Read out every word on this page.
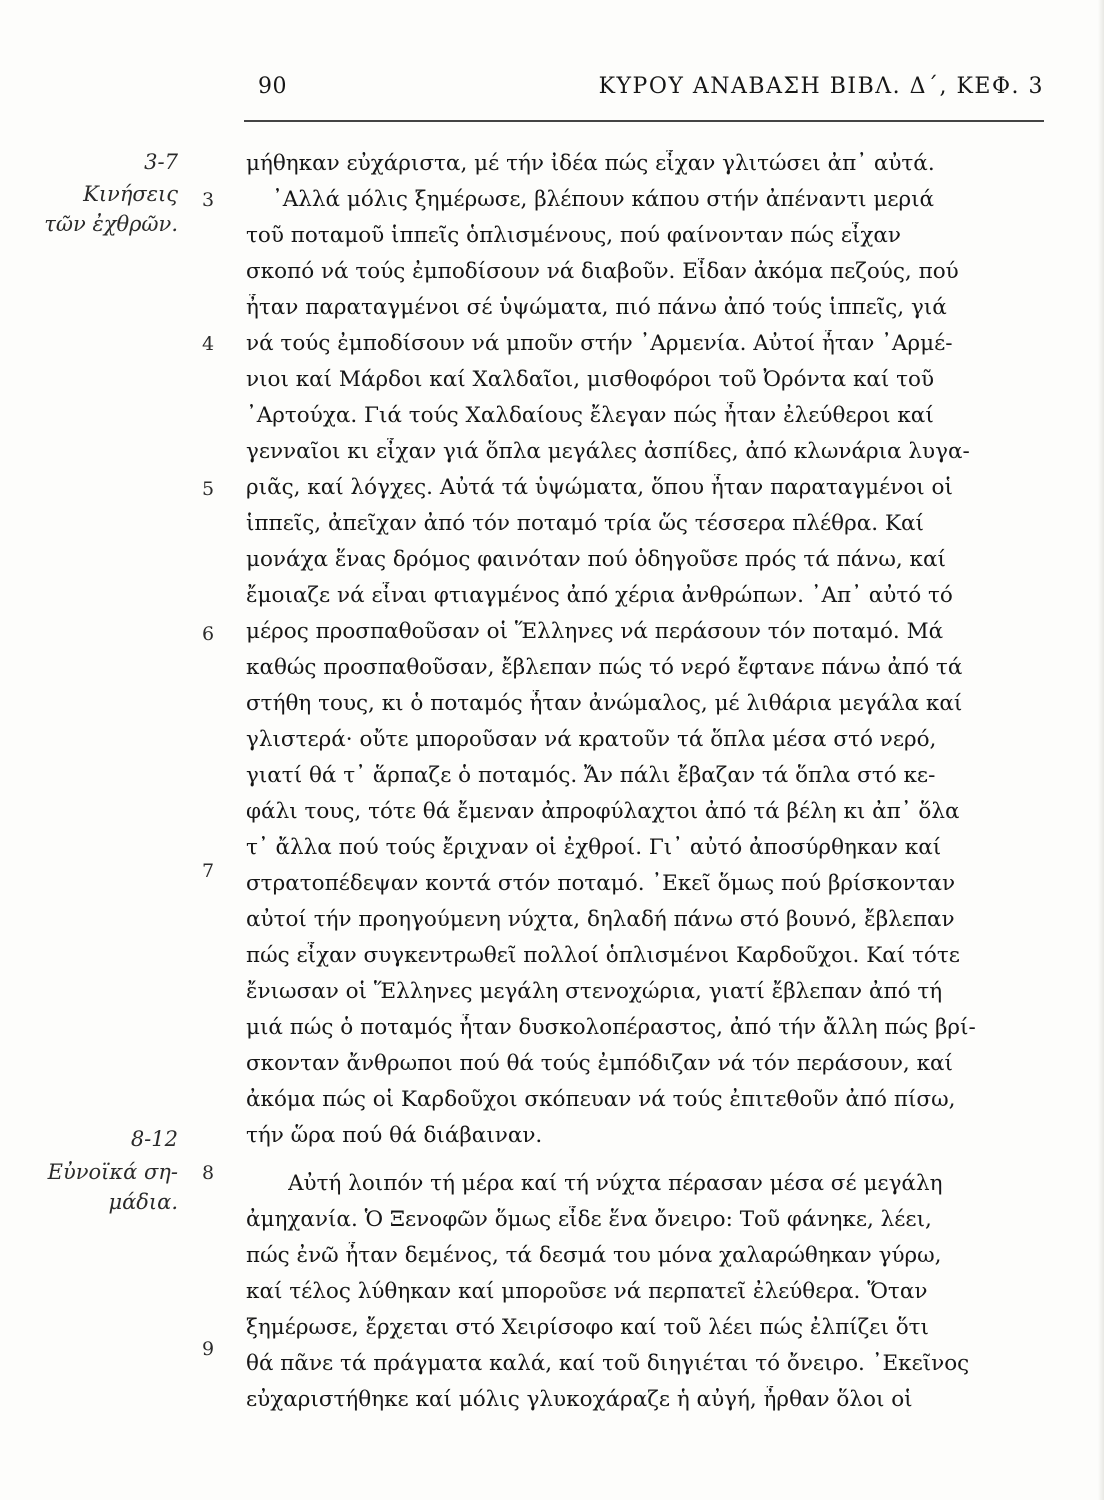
90	ΚΥΡΟΥ ΑΝΑΒΑΣΗ ΒΙΒΛ. Δ΄, ΚΕΦ. 3
3-7
Κινήσεις
τῶν ἐχθρῶν.
8-12
Εὐνοϊκά ση-
μάδια.
3
4
5
6
7
8
9
μήθηκαν εὐχάριστα, μέ τήν ἰδέα πώς εἶχαν γλιτώσει ἀπ᾽ αὐτά.
᾽Αλλά μόλις ξημέρωσε, βλέπουν κάπου στήν ἀπέναντι μεριά
τοῦ ποταμοῦ ἱππεῖς ὁπλισμένους, πού φαίνονταν πώς εἶχαν
σκοπό νά τούς ἐμποδίσουν νά διαβοῦν. Εἶδαν ἀκόμα πεζούς, πού
ἦταν παραταγμένοι σέ ὑψώματα, πιό πάνω ἀπό τούς ἱππεῖς, γιά
νά τούς ἐμποδίσουν νά μποῦν στήν ᾽Αρμενία. Αὐτοί ἦταν ᾽Αρμέ-
νιοι καί Μάρδοι καί Χαλδαῖοι, μισθοφόροι τοῦ Ὀρόντα καί τοῦ
᾽Αρτούχα. Γιά τούς Χαλδαίους ἔλεγαν πώς ἦταν ἐλεύθεροι καί
γενναῖοι κι εἶχαν γιά ὅπλα μεγάλες ἀσπίδες, ἀπό κλωνάρια λυγα-
ριᾶς, καί λόγχες. Αὐτά τά ὑψώματα, ὅπου ἦταν παραταγμένοι οἱ
ἱππεῖς, ἀπεῖχαν ἀπό τόν ποταμό τρία ὥς τέσσερα πλέθρα. Καί
μονάχα ἕνας δρόμος φαινόταν πού ὁδηγοῦσε πρός τά πάνω, καί
ἔμοιαζε νά εἶναι φτιαγμένος ἀπό χέρια ἀνθρώπων. ᾽Απ᾽ αὐτό τό
μέρος προσπαθοῦσαν οἱ Ἕλληνες νά περάσουν τόν ποταμό. Μά
καθώς προσπαθοῦσαν, ἔβλεπαν πώς τό νερό ἔφτανε πάνω ἀπό τά
στήθη τους, κι ὁ ποταμός ἦταν ἀνώμαλος, μέ λιθάρια μεγάλα καί
γλιστερά· οὔτε μποροῦσαν νά κρατοῦν τά ὅπλα μέσα στό νερό,
γιατί θά τ᾽ ἅρπαζε ὁ ποταμός. Ἄν πάλι ἔβαζαν τά ὅπλα στό κε-
φάλι τους, τότε θά ἔμεναν ἀπροφύλαχτοι ἀπό τά βέλη κι ἀπ᾽ ὅλα
τ᾽ ἄλλα πού τούς ἔριχναν οἱ ἐχθροί. Γι᾽ αὐτό ἀποσύρθηκαν καί
στρατοπέδεψαν κοντά στόν ποταμό. ᾽Εκεῖ ὅμως πού βρίσκονταν
αὐτοί τήν προηγούμενη νύχτα, δηλαδή πάνω στό βουνό, ἔβλεπαν
πώς εἶχαν συγκεντρωθεῖ πολλοί ὁπλισμένοι Καρδοῦχοι. Καί τότε
ἔνιωσαν οἱ Ἕλληνες μεγάλη στενοχώρια, γιατί ἔβλεπαν ἀπό τή
μιά πώς ὁ ποταμός ἦταν δυσκολοπέραστος, ἀπό τήν ἄλλη πώς βρί-
σκονταν ἄνθρωποι πού θά τούς ἐμπόδιζαν νά τόν περάσουν, καί
ἀκόμα πώς οἱ Καρδοῦχοι σκόπευαν νά τούς ἐπιτεθοῦν ἀπό πίσω,
τήν ὥρα πού θά διάβαιναν.
Αὐτή λοιπόν τή μέρα καί τή νύχτα πέρασαν μέσα σέ μεγάλη
ἀμηχανία. Ὁ Ξενοφῶν ὅμως εἶδε ἕνα ὄνειρο: Τοῦ φάνηκε, λέει,
πώς ἐνῶ ἦταν δεμένος, τά δεσμά του μόνα χαλαρώθηκαν γύρω,
καί τέλος λύθηκαν καί μποροῦσε νά περπατεῖ ἐλεύθερα. Ὅταν
ξημέρωσε, ἔρχεται στό Χειρίσοφο καί τοῦ λέει πώς ἐλπίζει ὅτι
θά πᾶνε τά πράγματα καλά, καί τοῦ διηγιέται τό ὄνειρο. ᾽Εκεῖνος
εὐχαριστήθηκε καί μόλις γλυκοχάραζε ἡ αὐγή, ἦρθαν ὅλοι οἱ
